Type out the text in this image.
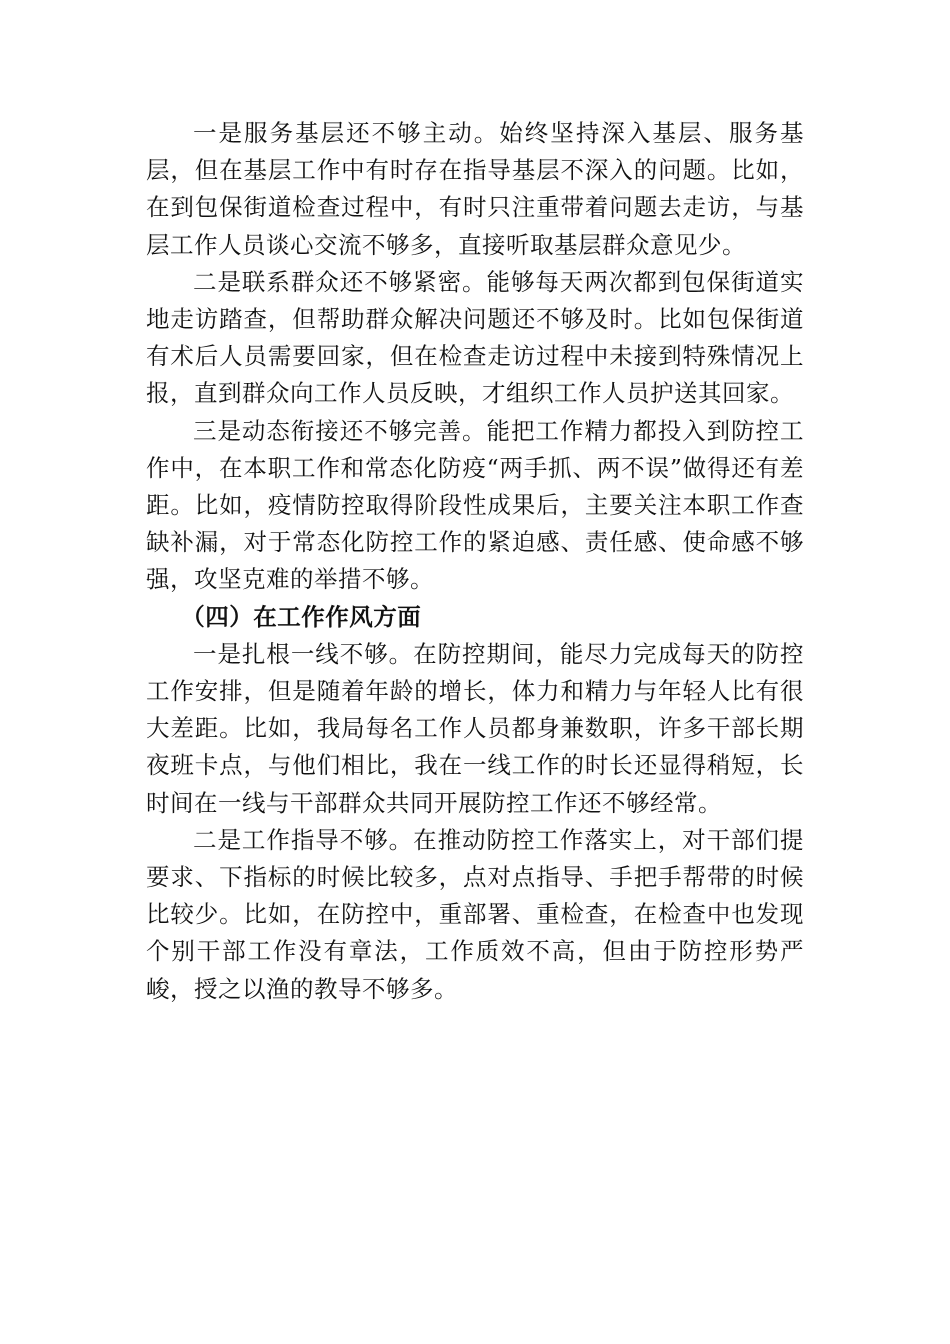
一是服务基层还不够主动。始终坚持深入基层、服务基层，但在基层工作中有时存在指导基层不深入的问题。比如，在到包保街道检查过程中，有时只注重带着问题去走访，与基层工作人员谈心交流不够多，直接听取基层群众意见少。

二是联系群众还不够紧密。能够每天两次都到包保街道实地走访踏查，但帮助群众解决问题还不够及时。比如包保街道有术后人员需要回家，但在检查走访过程中未接到特殊情况上报，直到群众向工作人员反映，才组织工作人员护送其回家。

三是动态衔接还不够完善。能把工作精力都投入到防控工作中，在本职工作和常态化防疫“两手抓、两不误”做得还有差距。比如，疫情防控取得阶段性成果后，主要关注本职工作查缺补漏，对于常态化防控工作的紧迫感、责任感、使命感不够强，攻坚克难的举措不够。

（四）在工作作风方面

一是扎根一线不够。在防控期间，能尽力完成每天的防控工作安排，但是随着年龄的增长，体力和精力与年轻人比有很大差距。比如，我局每名工作人员都身兼数职，许多干部长期夜班卡点，与他们相比，我在一线工作的时长还显得稍短，长时间在一线与干部群众共同开展防控工作还不够经常。

二是工作指导不够。在推动防控工作落实上，对干部们提要求、下指标的时候比较多，点对点指导、手把手帮带的时候比较少。比如，在防控中，重部署、重检查，在检查中也发现个别干部工作没有章法，工作质效不高，但由于防控形势严峻，授之以渔的教导不够多。
